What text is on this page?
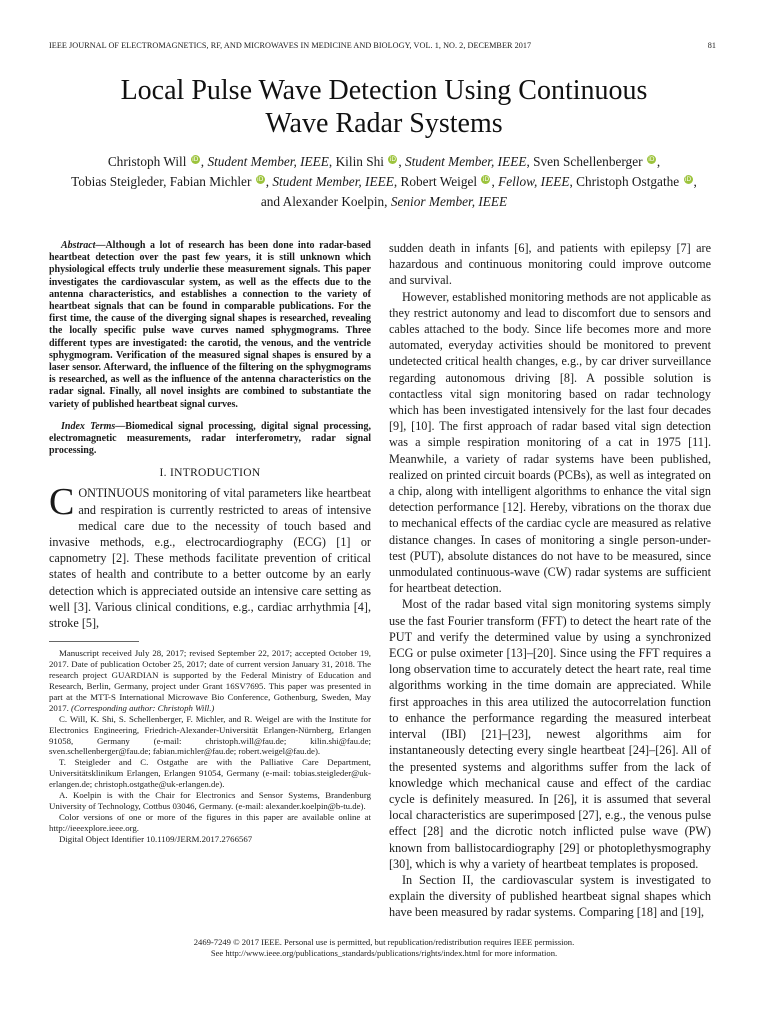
IEEE JOURNAL OF ELECTROMAGNETICS, RF, AND MICROWAVES IN MEDICINE AND BIOLOGY, VOL. 1, NO. 2, DECEMBER 2017	81
Local Pulse Wave Detection Using Continuous
Wave Radar Systems
Christoph Will iD , Student Member, IEEE, Kilin Shi iD , Student Member, IEEE, Sven Schellenberger iD ,
Tobias Steigleder, Fabian Michler iD , Student Member, IEEE, Robert Weigel iD , Fellow, IEEE, Christoph Ostgathe iD ,
and Alexander Koelpin, Senior Member, IEEE

Abstract—Although a lot of research has been done into radar-based heartbeat detection over the past few years, it is still unknown which physiological effects truly underlie these measurement signals. This paper investigates the cardiovascular system, as well as the effects due to the antenna characteristics, and establishes a connection to the variety of heartbeat signals that can be found in comparable publications. For the first time, the cause of the diverging signal shapes is researched, revealing the locally specific pulse wave curves named sphygmograms. Three different types are investigated: the carotid, the venous, and the ventricle sphygmogram. Verification of the measured signal shapes is ensured by a laser sensor. Afterward, the influence of the filtering on the sphygmograms is researched, as well as the influence of the antenna characteristics on the radar signal. Finally, all novel insights are combined to substantiate the variety of published heartbeat signal curves.

Index Terms—Biomedical signal processing, digital signal processing, electromagnetic measurements, radar interferometry, radar signal processing.

I. INTRODUCTION

CONTINUOUS monitoring of vital parameters like heartbeat and respiration is currently restricted to areas of intensive medical care due to the necessity of touch based and invasive methods, e.g., electrocardiography (ECG) [1] or capnometry [2]. These methods facilitate prevention of critical states of health and contribute to a better outcome by an early detection which is appreciated outside an intensive care setting as well [3]. Various clinical conditions, e.g., cardiac arrhythmia [4], stroke [5],

Manuscript received July 28, 2017; revised September 22, 2017; accepted October 19, 2017. Date of publication October 25, 2017; date of current version January 31, 2018. The research project GUARDIAN is supported by the Federal Ministry of Education and Research, Berlin, Germany, project under Grant 16SV7695. This paper was presented in part at the MTT-S International Microwave Bio Conference, Gothenburg, Sweden, May 2017. (Corresponding author: Christoph Will.)

C. Will, K. Shi, S. Schellenberger, F. Michler, and R. Weigel are with the Institute for Electronics Engineering, Friedrich-Alexander-Universität Erlangen-Nürnberg, Erlangen 91058, Germany (e-mail: christoph.will@fau.de; kilin.shi@fau.de; sven.schellenberger@fau.de; fabian.michler@fau.de; robert.weigel@fau.de).

T. Steigleder and C. Ostgathe are with the Palliative Care Department, Universitätsklinikum Erlangen, Erlangen 91054, Germany (e-mail: tobias.steigleder@uk-erlangen.de; christoph.ostgathe@uk-erlangen.de).

A. Koelpin is with the Chair for Electronics and Sensor Systems, Brandenburg University of Technology, Cottbus 03046, Germany. (e-mail: alexander.koelpin@b-tu.de).

Color versions of one or more of the figures in this paper are available online at http://ieeexplore.ieee.org.

Digital Object Identifier 10.1109/JERM.2017.2766567

sudden death in infants [6], and patients with epilepsy [7] are hazardous and continuous monitoring could improve outcome and survival.

However, established monitoring methods are not applicable as they restrict autonomy and lead to discomfort due to sensors and cables attached to the body. Since life becomes more and more automated, everyday activities should be monitored to prevent undetected critical health changes, e.g., by car driver surveillance regarding autonomous driving [8]. A possible solution is contactless vital sign monitoring based on radar technology which has been investigated intensively for the last four decades [9], [10]. The first approach of radar based vital sign detection was a simple respiration monitoring of a cat in 1975 [11]. Meanwhile, a variety of radar systems have been published, realized on printed circuit boards (PCBs), as well as integrated on a chip, along with intelligent algorithms to enhance the vital sign detection performance [12]. Hereby, vibrations on the thorax due to mechanical effects of the cardiac cycle are measured as relative distance changes. In cases of monitoring a single person-under-test (PUT), absolute distances do not have to be measured, since unmodulated continuous-wave (CW) radar systems are sufficient for heartbeat detection.

Most of the radar based vital sign monitoring systems simply use the fast Fourier transform (FFT) to detect the heart rate of the PUT and verify the determined value by using a synchronized ECG or pulse oximeter [13]–[20]. Since using the FFT requires a long observation time to accurately detect the heart rate, real time algorithms working in the time domain are appreciated. While first approaches in this area utilized the autocorrelation function to enhance the performance regarding the measured interbeat interval (IBI) [21]–[23], newest algorithms aim for instantaneously detecting every single heartbeat [24]–[26]. All of the presented systems and algorithms suffer from the lack of knowledge which mechanical cause and effect of the cardiac cycle is definitely measured. In [26], it is assumed that several local characteristics are superimposed [27], e.g., the venous pulse effect [28] and the dicrotic notch inflicted pulse wave (PW) known from ballistocardiography [29] or photoplethysmography [30], which is why a variety of heartbeat templates is proposed.

In Section II, the cardiovascular system is investigated to explain the diversity of published heartbeat signal shapes which have been measured by radar systems. Comparing [18] and [19],

2469-7249 © 2017 IEEE. Personal use is permitted, but republication/redistribution requires IEEE permission.
See http://www.ieee.org/publications_standards/publications/rights/index.html for more information.
